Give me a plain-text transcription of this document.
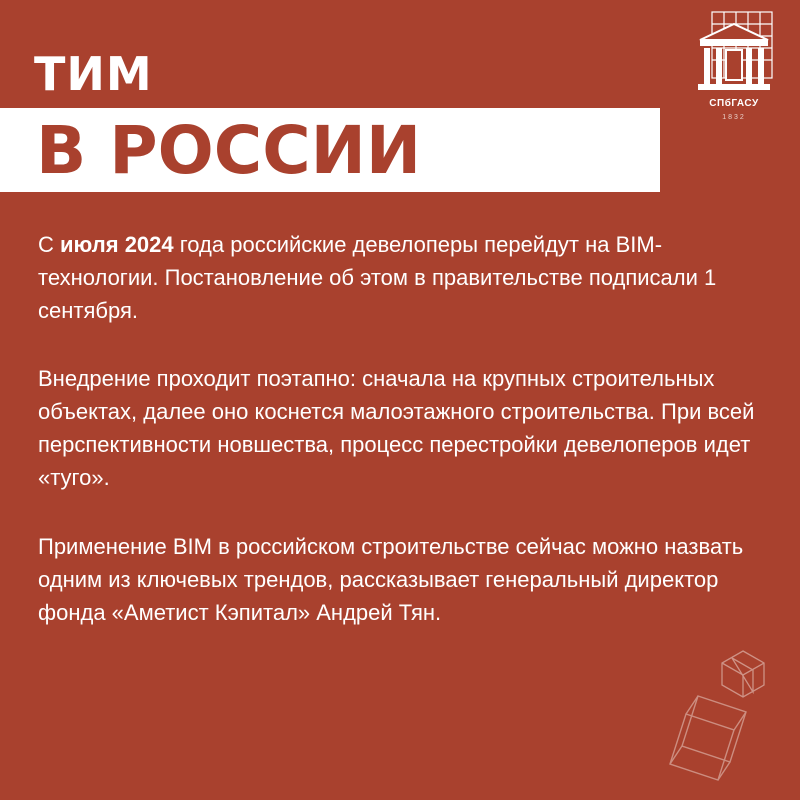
ТИМ
В РОССИИ
СПбГАСУ
1832
С июля 2024 года российские девелоперы перейдут на BIM-технологии. Постановление об этом в правительстве подписали 1 сентября.
Внедрение проходит поэтапно: сначала на крупных строительных объектах, далее оно коснется малоэтажного строительства. При всей перспективности новшества, процесс перестройки девелоперов идет «туго».
Применение BIM в российском строительстве сейчас можно назвать одним из ключевых трендов, рассказывает генеральный директор фонда «Аметист Кэпитал» Андрей Тян.
